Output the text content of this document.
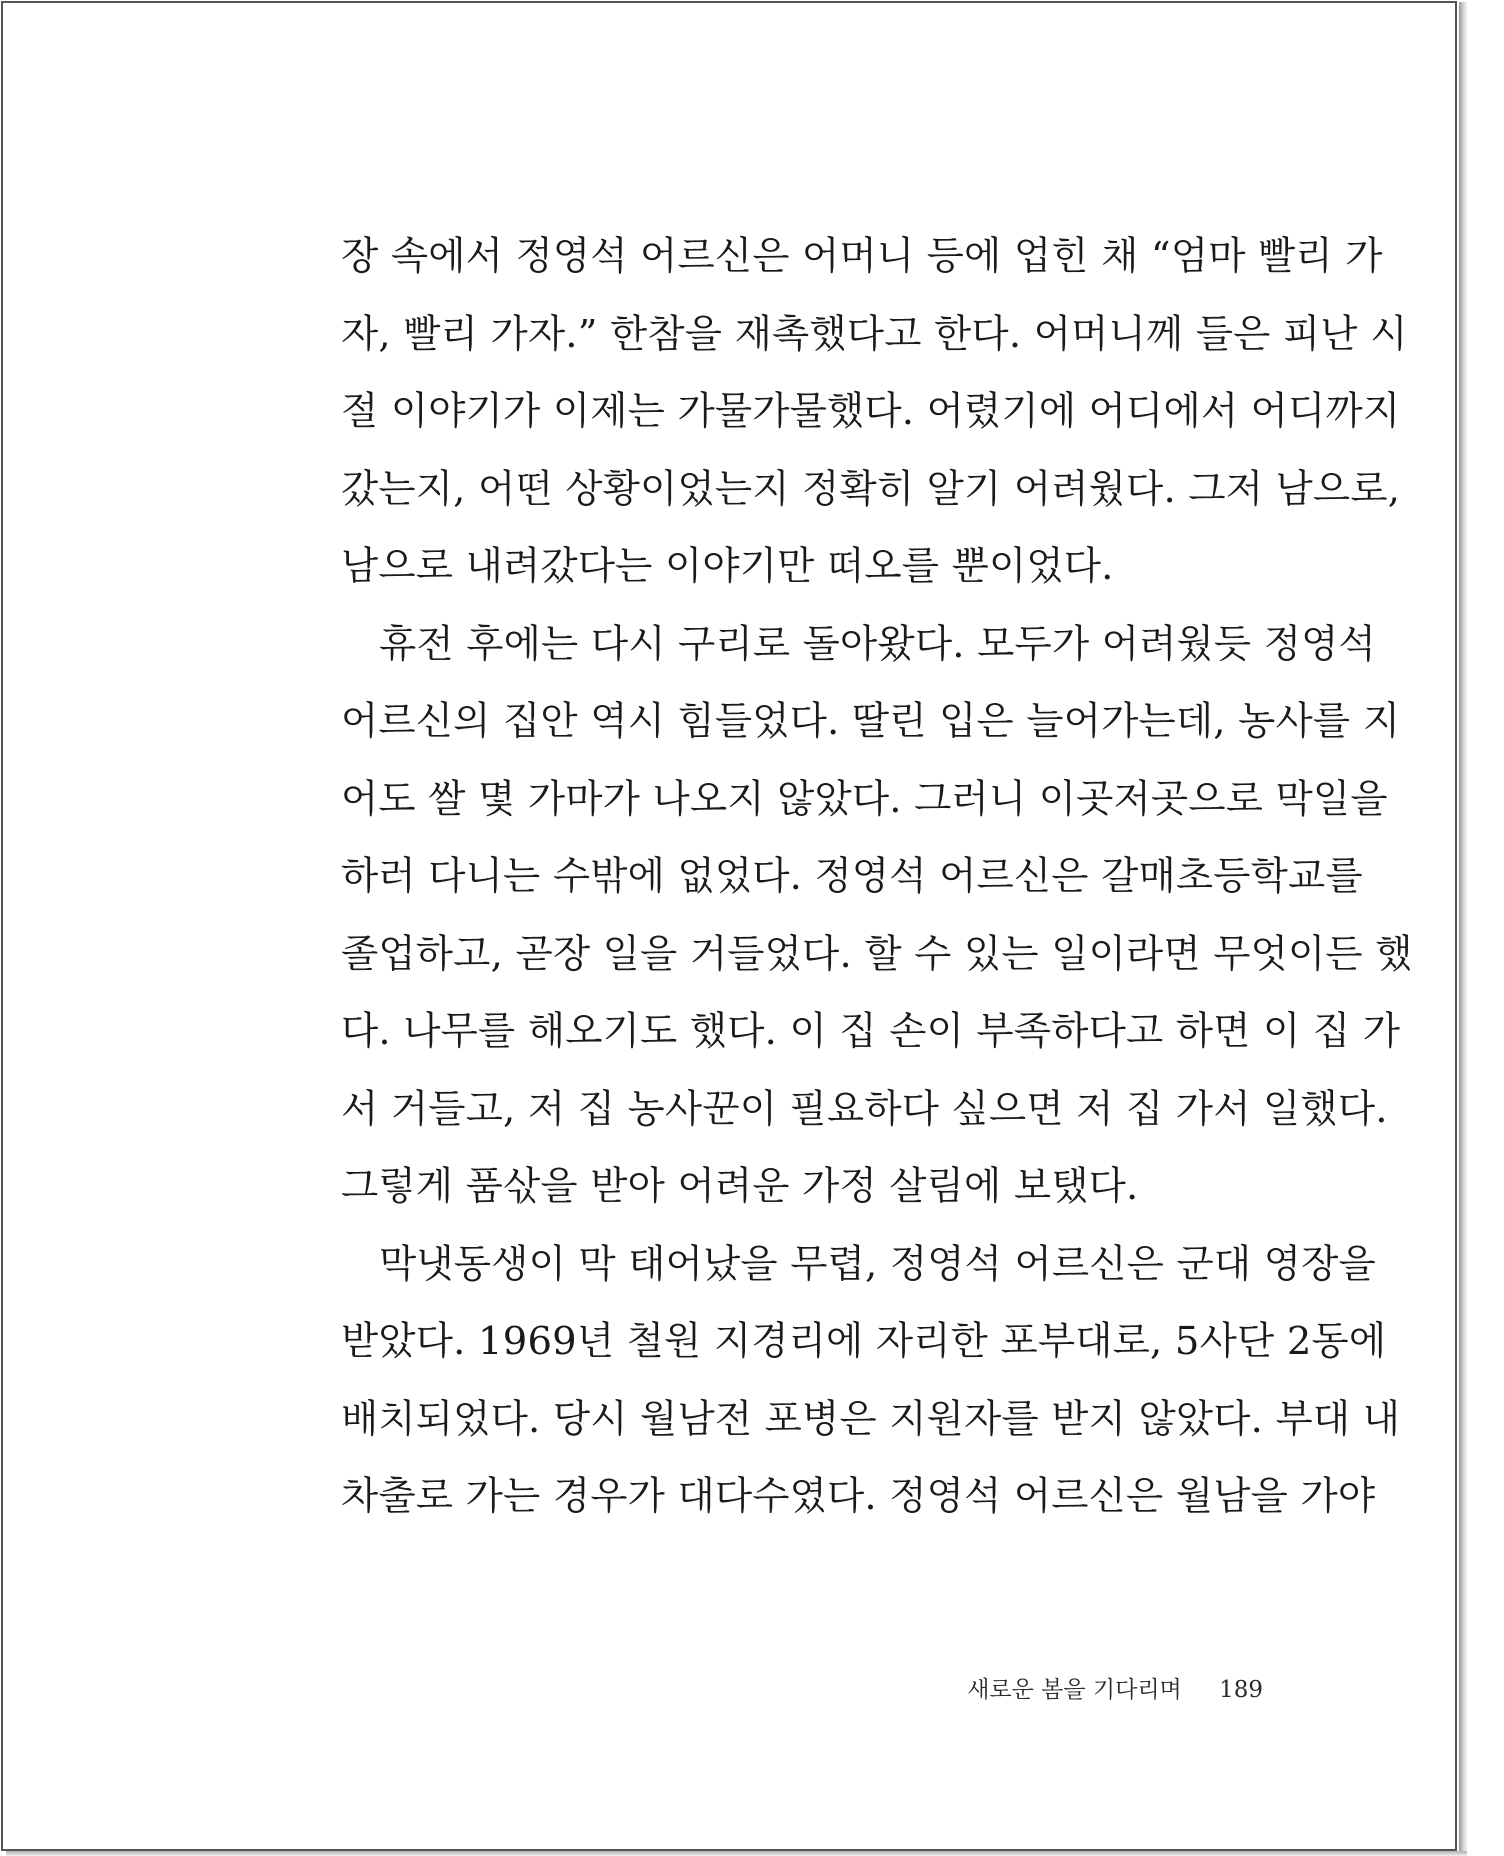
장 속에서 정영석 어르신은 어머니 등에 업힌 채 “엄마 빨리 가
자, 빨리 가자.” 한참을 재촉했다고 한다. 어머니께 들은 피난 시
절 이야기가 이제는 가물가물했다. 어렸기에 어디에서 어디까지
갔는지, 어떤 상황이었는지 정확히 알기 어려웠다. 그저 남으로,
남으로 내려갔다는 이야기만 떠오를 뿐이었다.
휴전 후에는 다시 구리로 돌아왔다. 모두가 어려웠듯 정영석
어르신의 집안 역시 힘들었다. 딸린 입은 늘어가는데, 농사를 지
어도 쌀 몇 가마가 나오지 않았다. 그러니 이곳저곳으로 막일을
하러 다니는 수밖에 없었다. 정영석 어르신은 갈매초등학교를
졸업하고, 곧장 일을 거들었다. 할 수 있는 일이라면 무엇이든 했
다. 나무를 해오기도 했다. 이 집 손이 부족하다고 하면 이 집 가
서 거들고, 저 집 농사꾼이 필요하다 싶으면 저 집 가서 일했다.
그렇게 품삯을 받아 어려운 가정 살림에 보탰다.
막냇동생이 막 태어났을 무렵, 정영석 어르신은 군대 영장을
받았다. 1969년 철원 지경리에 자리한 포부대로, 5사단 2동에
배치되었다. 당시 월남전 포병은 지원자를 받지 않았다. 부대 내
차출로 가는 경우가 대다수였다. 정영석 어르신은 월남을 가야
새로운 봄을 기다리며 189
